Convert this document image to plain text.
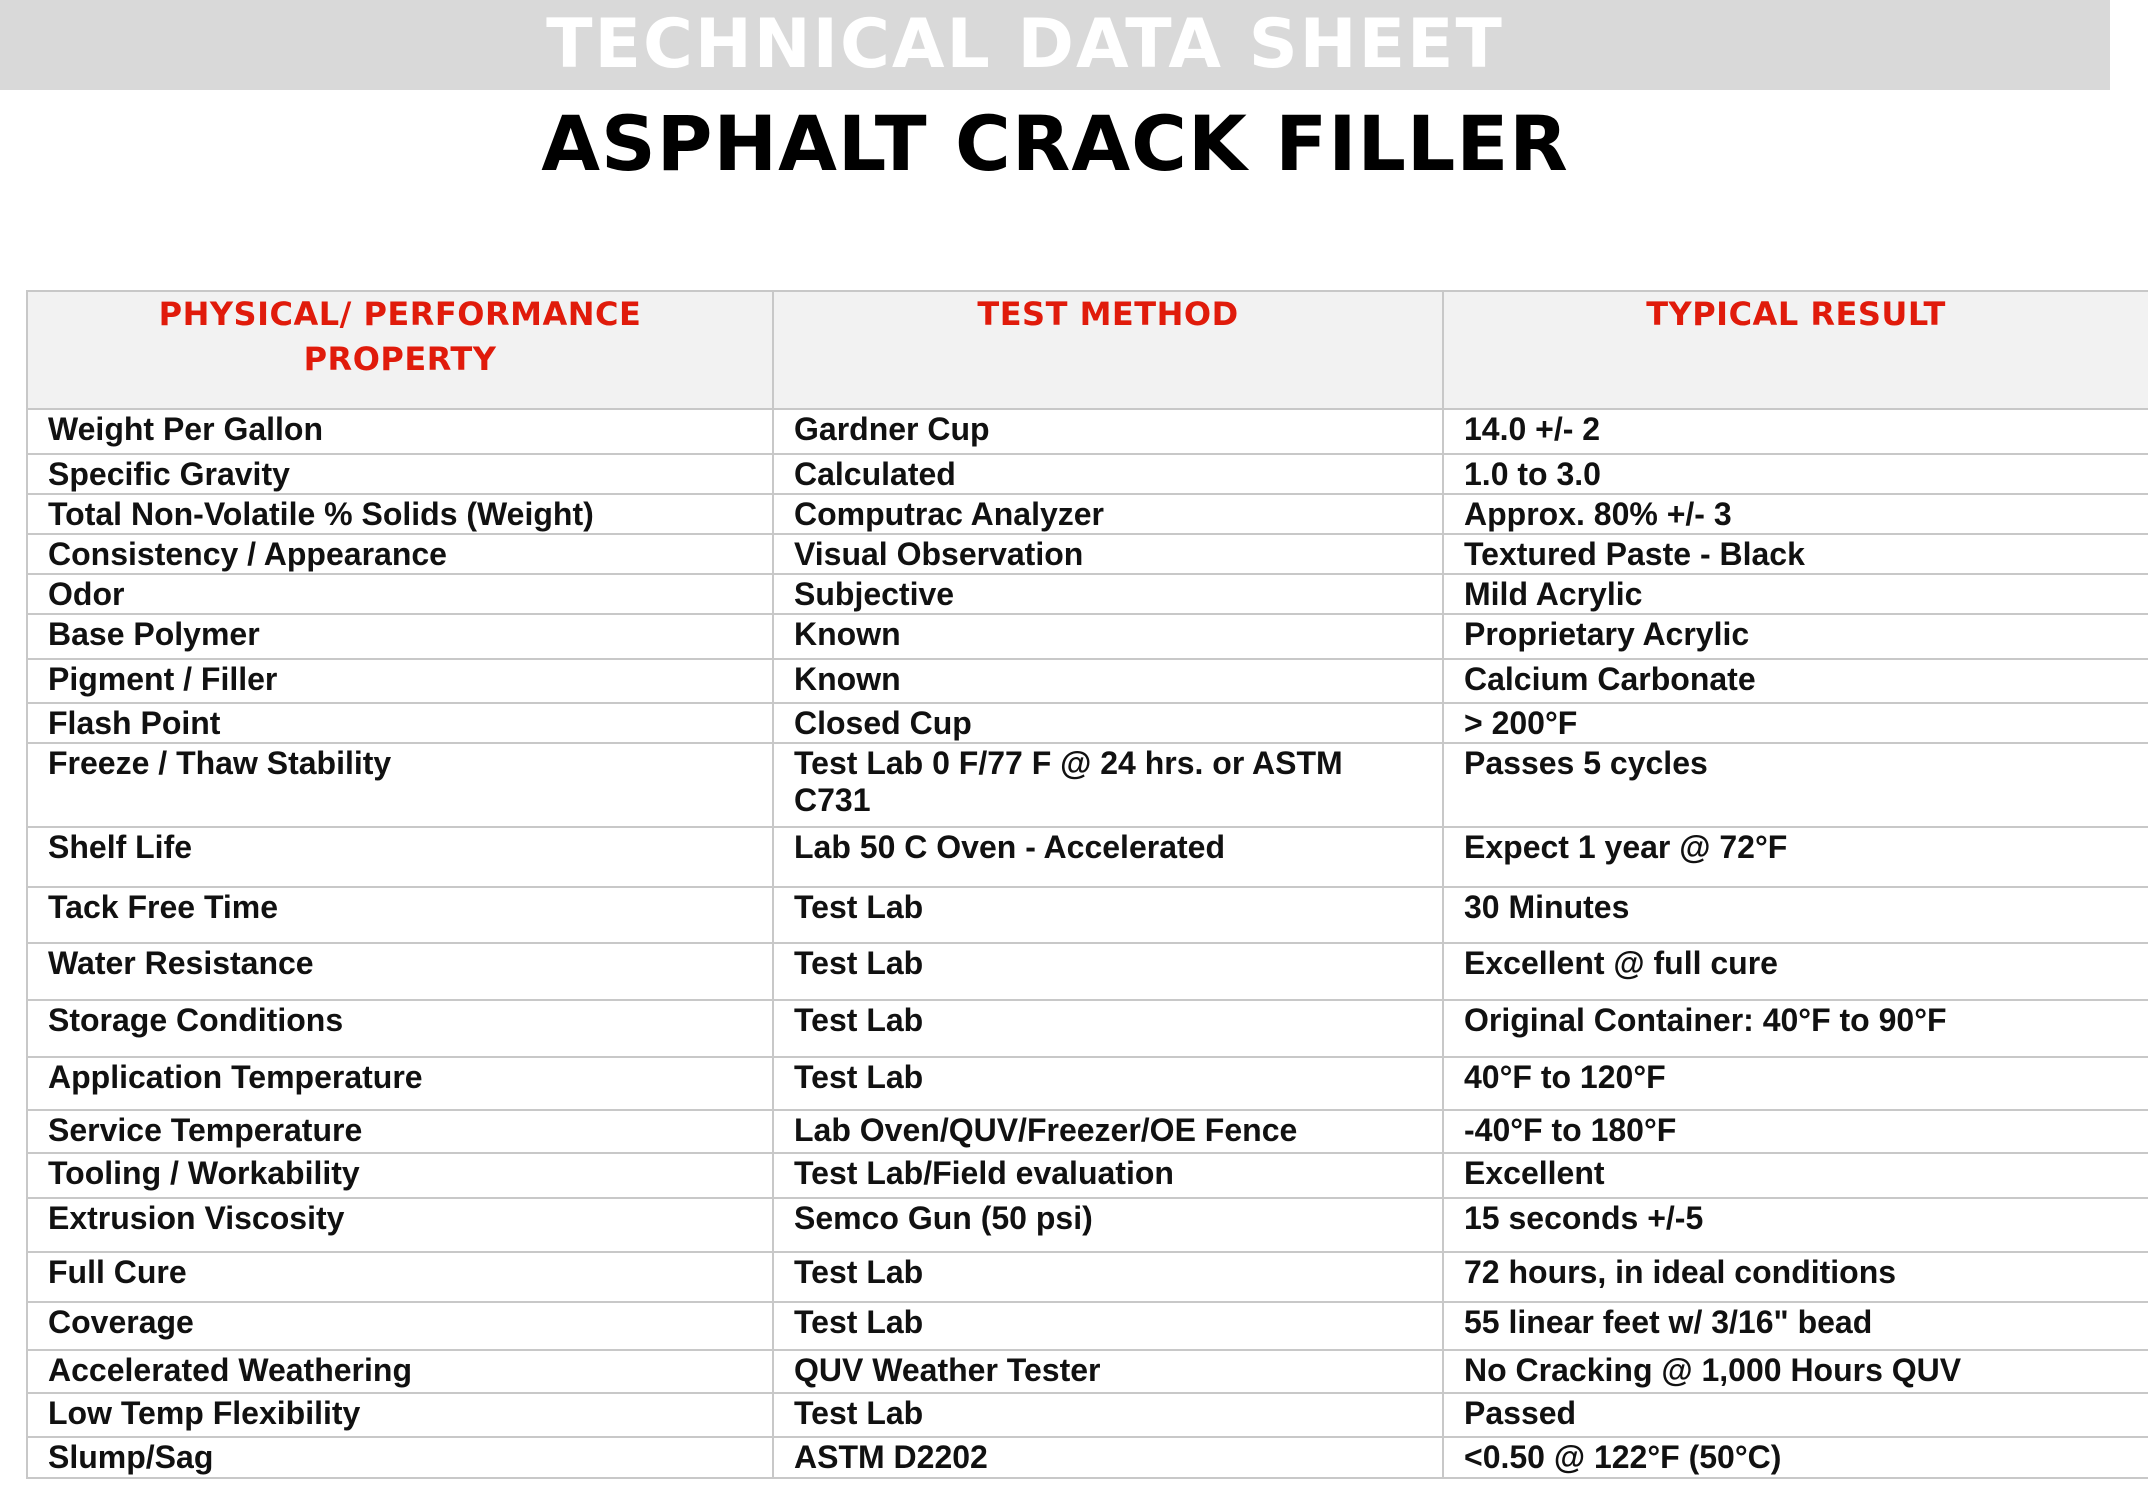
TECHNICAL DATA SHEET
ASPHALT CRACK FILLER
PHYSICAL/ PERFORMANCE PROPERTY	TEST METHOD	TYPICAL RESULT
Weight Per Gallon	Gardner Cup	14.0 +/- 2
Specific Gravity	Calculated	1.0 to 3.0
Total Non-Volatile % Solids (Weight)	Computrac Analyzer	Approx. 80% +/- 3
Consistency / Appearance	Visual Observation	Textured Paste - Black
Odor	Subjective	Mild Acrylic
Base Polymer	Known	Proprietary Acrylic
Pigment / Filler	Known	Calcium Carbonate
Flash Point	Closed Cup	> 200°F
Freeze / Thaw Stability	Test Lab 0 F/77 F @ 24 hrs. or ASTM C731	Passes 5 cycles
Shelf Life	Lab 50 C Oven - Accelerated	Expect 1 year @ 72°F
Tack Free Time	Test Lab	30 Minutes
Water Resistance	Test Lab	Excellent @ full cure
Storage Conditions	Test Lab	Original Container: 40°F to 90°F
Application Temperature	Test Lab	40°F to 120°F
Service Temperature	Lab Oven/QUV/Freezer/OE Fence	-40°F to 180°F
Tooling / Workability	Test Lab/Field evaluation	Excellent
Extrusion Viscosity	Semco Gun (50 psi)	15 seconds +/-5
Full Cure	Test Lab	72 hours, in ideal conditions
Coverage	Test Lab	55 linear feet w/ 3/16" bead
Accelerated Weathering	QUV Weather Tester	No Cracking @ 1,000 Hours QUV
Low Temp Flexibility	Test Lab	Passed
Slump/Sag	ASTM D2202	<0.50 @ 122°F (50°C)
